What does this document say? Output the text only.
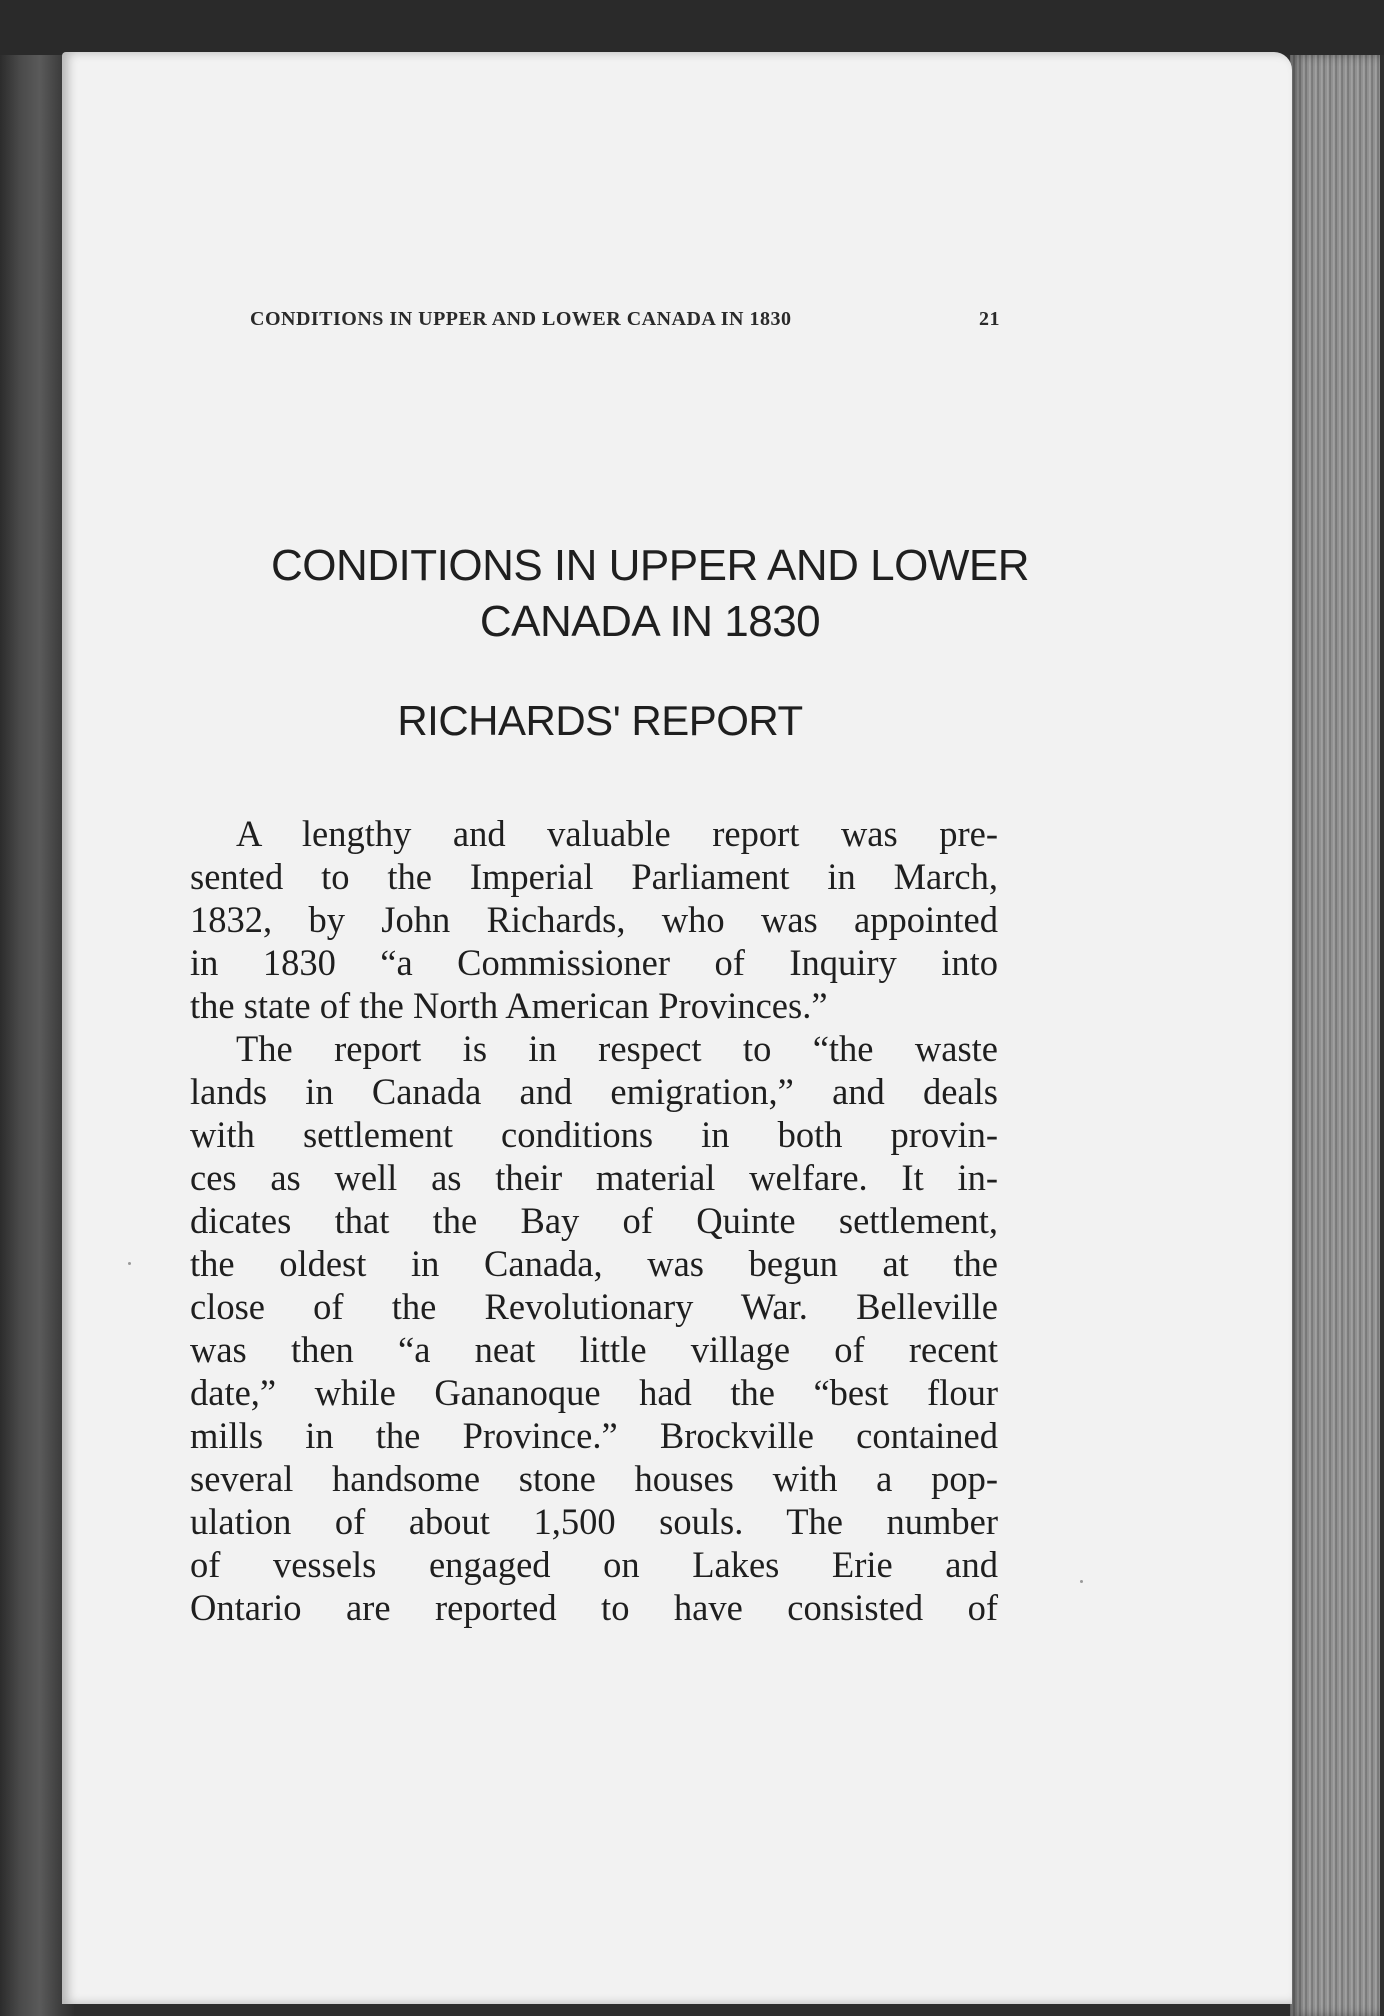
CONDITIONS IN UPPER AND LOWER CANADA IN 1830	21
CONDITIONS IN UPPER AND LOWER
CANADA IN 1830
RICHARDS' REPORT
A lengthy and valuable report was pre-
sented to the Imperial Parliament in March,
1832, by John Richards, who was appointed
in 1830 “a Commissioner of Inquiry into
the state of the North American Provinces.”
The report is in respect to “the waste
lands in Canada and emigration,” and deals
with settlement conditions in both provin-
ces as well as their material welfare. It in-
dicates that the Bay of Quinte settlement,
the oldest in Canada, was begun at the
close of the Revolutionary War. Belleville
was then “a neat little village of recent
date,” while Gananoque had the “best flour
mills in the Province.” Brockville contained
several handsome stone houses with a pop-
ulation of about 1,500 souls. The number
of vessels engaged on Lakes Erie and
Ontario are reported to have consisted of
